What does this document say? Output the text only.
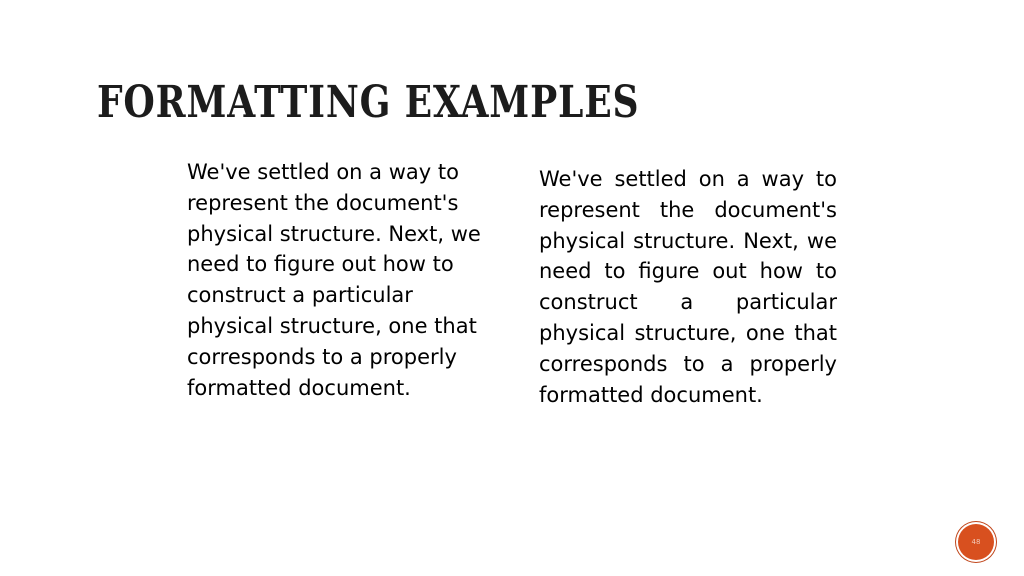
FORMATTING EXAMPLES

We've settled on a way to represent the document's physical structure. Next, we need to figure out how to construct a particular physical structure, one that corresponds to a properly formatted document.

We've settled on a way to represent the document's physical structure. Next, we need to figure out how to construct a particular physical structure, one that corresponds to a properly formatted document.

48
